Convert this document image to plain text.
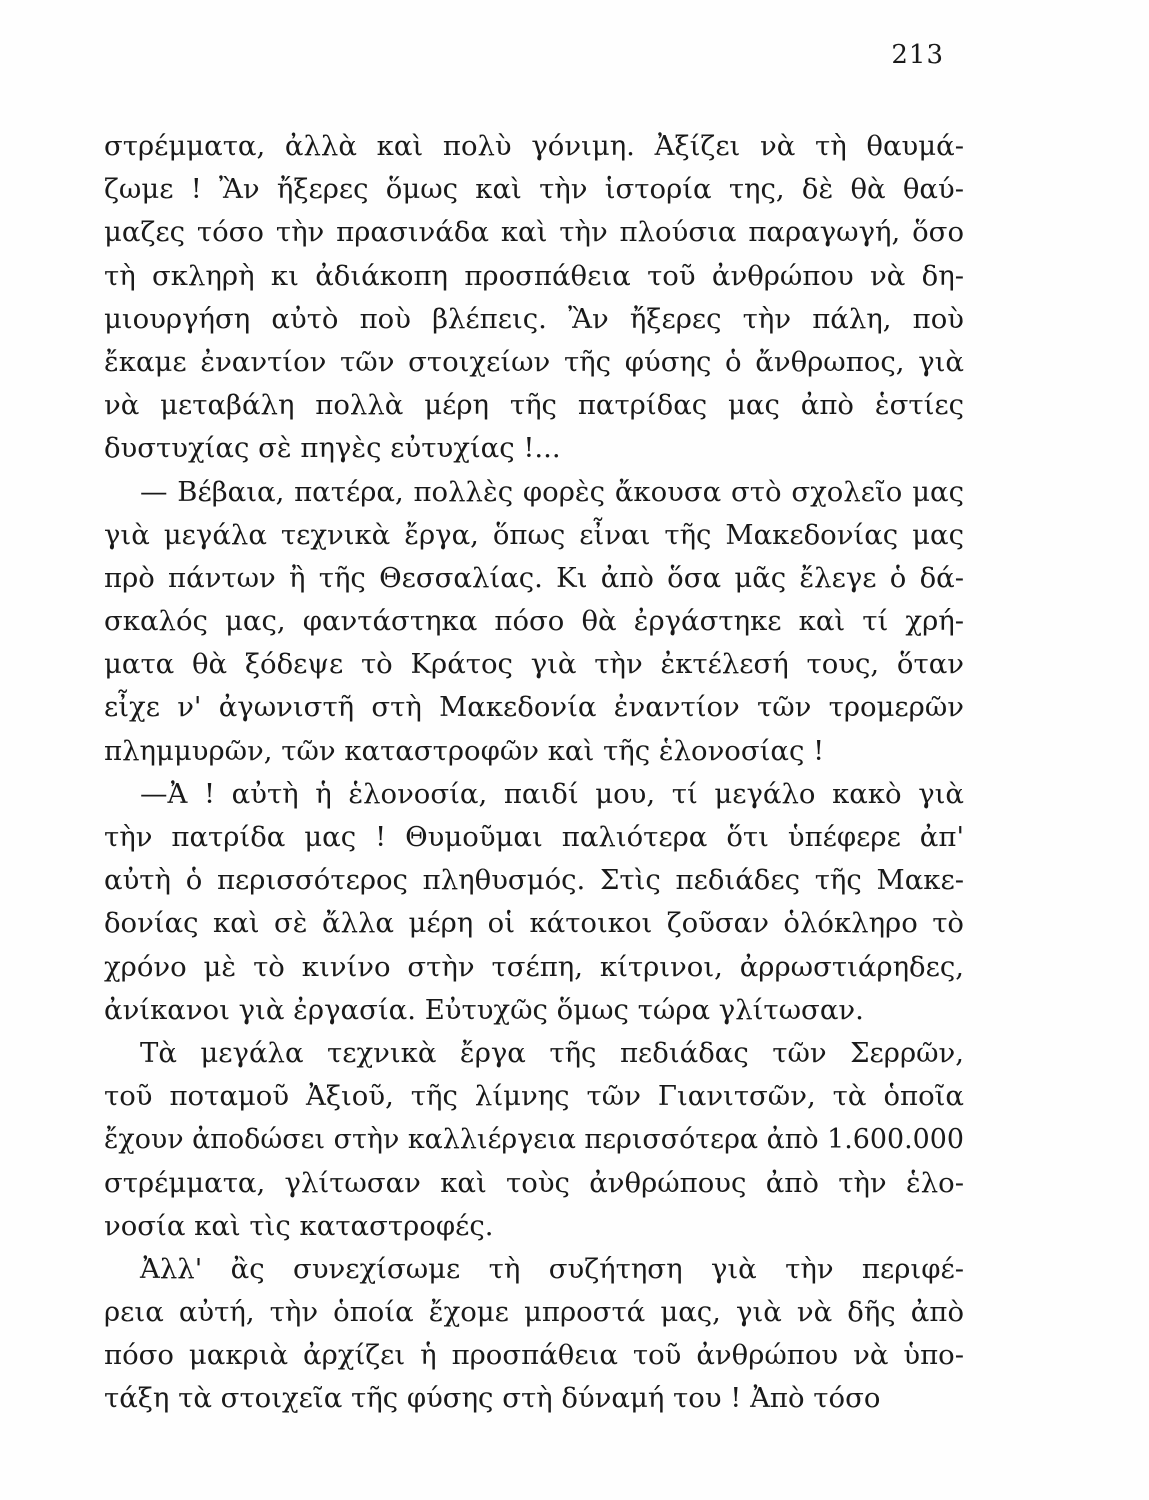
213
στρέμματα, ἀλλὰ καὶ πολὺ γόνιμη. Ἀξίζει νὰ τὴ θαυμά-
ζωμε ! Ἂν ἤξερες ὅμως καὶ τὴν ἱστορία της, δὲ θὰ θαύ-
μαζες τόσο τὴν πρασινάδα καὶ τὴν πλούσια παραγωγή, ὅσο
τὴ σκληρὴ κι ἀδιάκοπη προσπάθεια τοῦ ἀνθρώπου νὰ δη-
μιουργήση αὐτὸ ποὺ βλέπεις. Ἂν ἤξερες τὴν πάλη, ποὺ
ἔκαμε ἐναντίον τῶν στοιχείων τῆς φύσης ὁ ἄνθρωπος, γιὰ
νὰ μεταβάλη πολλὰ μέρη τῆς πατρίδας μας ἀπὸ ἑστίες
δυστυχίας σὲ πηγὲς εὐτυχίας !...
— Βέβαια, πατέρα, πολλὲς φορὲς ἄκουσα στὸ σχολεῖο μας
γιὰ μεγάλα τεχνικὰ ἔργα, ὅπως εἶναι τῆς Μακεδονίας μας
πρὸ πάντων ἢ τῆς Θεσσαλίας. Κι ἀπὸ ὅσα μᾶς ἔλεγε ὁ δά-
σκαλός μας, φαντάστηκα πόσο θὰ ἐργάστηκε καὶ τί χρή-
ματα θὰ ξόδεψε τὸ Κράτος γιὰ τὴν ἐκτέλεσή τους, ὅταν
εἶχε ν' ἀγωνιστῆ στὴ Μακεδονία ἐναντίον τῶν τρομερῶν
πλημμυρῶν, τῶν καταστροφῶν καὶ τῆς ἑλονοσίας !
—Ἀ ! αὐτὴ ἡ ἑλονοσία, παιδί μου, τί μεγάλο κακὸ γιὰ
τὴν πατρίδα μας ! Θυμοῦμαι παλιότερα ὅτι ὑπέφερε ἀπ'
αὐτὴ ὁ περισσότερος πληθυσμός. Στὶς πεδιάδες τῆς Μακε-
δονίας καὶ σὲ ἄλλα μέρη οἱ κάτοικοι ζοῦσαν ὁλόκληρο τὸ
χρόνο μὲ τὸ κινίνο στὴν τσέπη, κίτρινοι, ἀρρωστιάρηδες,
ἀνίκανοι γιὰ ἐργασία. Εὐτυχῶς ὅμως τώρα γλίτωσαν.
Τὰ μεγάλα τεχνικὰ ἔργα τῆς πεδιάδας τῶν Σερρῶν,
τοῦ ποταμοῦ Ἀξιοῦ, τῆς λίμνης τῶν Γιανιτσῶν, τὰ ὁποῖα
ἔχουν ἀποδώσει στὴν καλλιέργεια περισσότερα ἀπὸ 1.600.000
στρέμματα, γλίτωσαν καὶ τοὺς ἀνθρώπους ἀπὸ τὴν ἑλο-
νοσία καὶ τὶς καταστροφές.
Ἀλλ' ἂς συνεχίσωμε τὴ συζήτηση γιὰ τὴν περιφέ-
ρεια αὐτή, τὴν ὁποία ἔχομε μπροστά μας, γιὰ νὰ δῆς ἀπὸ
πόσο μακριὰ ἀρχίζει ἡ προσπάθεια τοῦ ἀνθρώπου νὰ ὑπο-
τάξη τὰ στοιχεῖα τῆς φύσης στὴ δύναμή του ! Ἀπὸ τόσο
